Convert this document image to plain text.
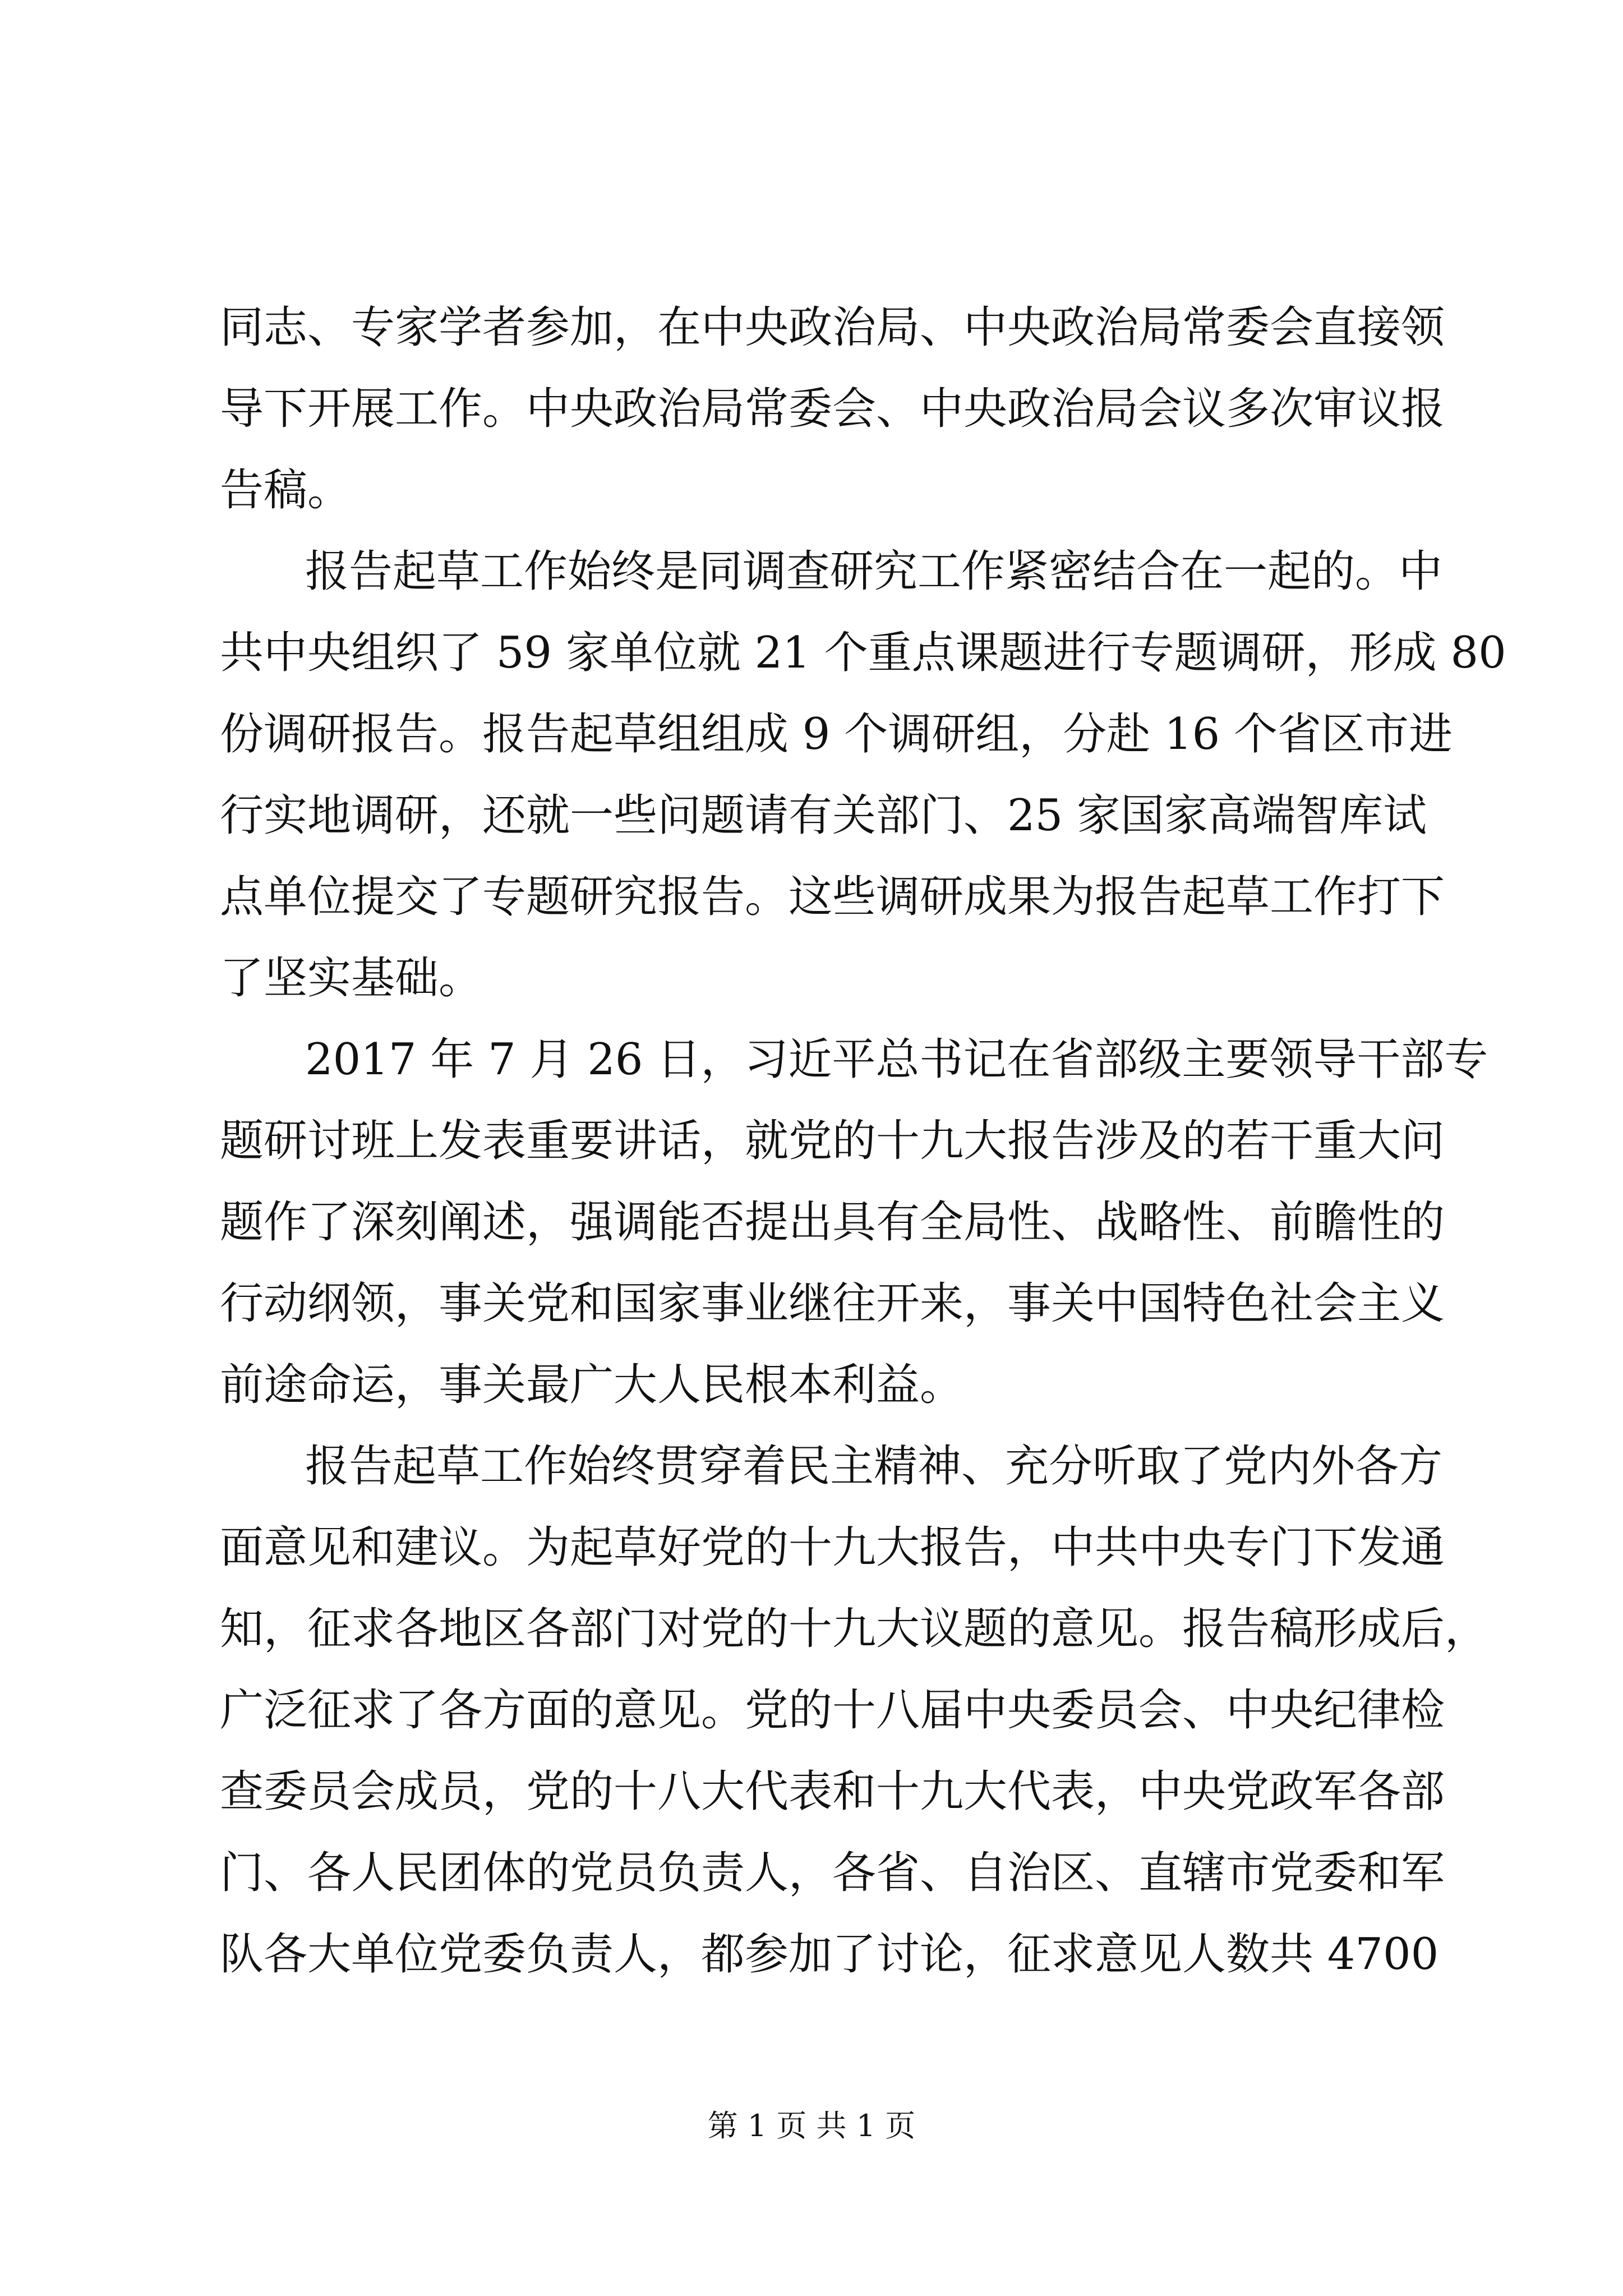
同志、专家学者参加，在中央政治局、中央政治局常委会直接领
导下开展工作。中央政治局常委会、中央政治局会议多次审议报
告稿。
报告起草工作始终是同调查研究工作紧密结合在一起的。中
共中央组织了 59 家单位就 21 个重点课题进行专题调研，形成 80
份调研报告。报告起草组组成 9 个调研组，分赴 16 个省区市进
行实地调研，还就一些问题请有关部门、25 家国家高端智库试
点单位提交了专题研究报告。这些调研成果为报告起草工作打下
了坚实基础。
2017 年 7 月 26 日，习近平总书记在省部级主要领导干部专
题研讨班上发表重要讲话，就党的十九大报告涉及的若干重大问
题作了深刻阐述，强调能否提出具有全局性、战略性、前瞻性的
行动纲领，事关党和国家事业继往开来，事关中国特色社会主义
前途命运，事关最广大人民根本利益。
报告起草工作始终贯穿着民主精神、充分听取了党内外各方
面意见和建议。为起草好党的十九大报告，中共中央专门下发通
知，征求各地区各部门对党的十九大议题的意见。报告稿形成后，
广泛征求了各方面的意见。党的十八届中央委员会、中央纪律检
查委员会成员，党的十八大代表和十九大代表，中央党政军各部
门、各人民团体的党员负责人，各省、自治区、直辖市党委和军
队各大单位党委负责人，都参加了讨论，征求意见人数共 4700
第 1 页 共 1 页
